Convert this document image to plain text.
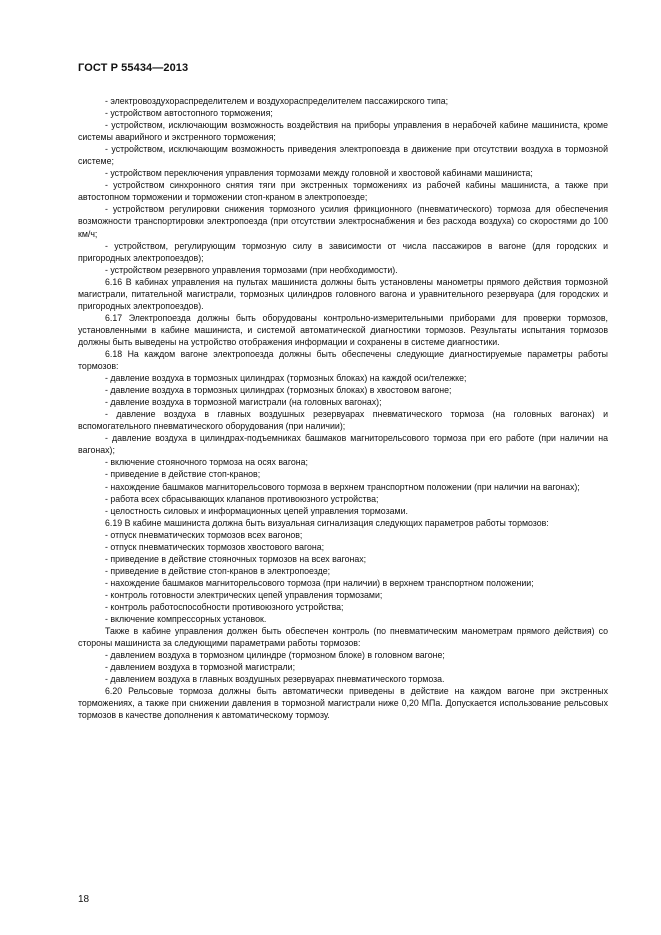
ГОСТ Р 55434—2013

- электровоздухораспределителем и воздухораспределителем пассажирского типа;

- устройством автостопного торможения;

- устройством, исключающим возможность воздействия на приборы управления в нерабочей кабине машиниста, кроме системы аварийного и экстренного торможения;

- устройством, исключающим возможность приведения электропоезда в движение при отсутствии воздуха в тормозной системе;

- устройством переключения управления тормозами между головной и хвостовой кабинами машиниста;

- устройством синхронного снятия тяги при экстренных торможениях из рабочей кабины машиниста, а также при автостопном торможении и торможении стоп-краном в электропоезде;

- устройством регулировки снижения тормозного усилия фрикционного (пневматического) тормоза для обеспечения возможности транспортировки электропоезда (при отсутствии электроснабжения и без расхода воздуха) со скоростями до 100 км/ч;

- устройством, регулирующим тормозную силу в зависимости от числа пассажиров в вагоне (для городских и пригородных электропоездов);

- устройством резервного управления тормозами (при необходимости).

6.16 В кабинах управления на пультах машиниста должны быть установлены манометры прямого действия тормозной магистрали, питательной магистрали, тормозных цилиндров головного вагона и уравнительного резервуара (для городских и пригородных электропоездов).

6.17 Электропоезда должны быть оборудованы контрольно-измерительными приборами для проверки тормозов, установленными в кабине машиниста, и системой автоматической диагностики тормозов. Результаты испытания тормозов должны быть выведены на устройство отображения информации и сохранены в системе диагностики.

6.18 На каждом вагоне электропоезда должны быть обеспечены следующие диагностируемые параметры работы тормозов:

- давление воздуха в тормозных цилиндрах (тормозных блоках) на каждой оси/тележке;

- давление воздуха в тормозных цилиндрах (тормозных блоках) в хвостовом вагоне;

- давление воздуха в тормозной магистрали (на головных вагонах);

- давление воздуха в главных воздушных резервуарах пневматического тормоза (на головных вагонах) и вспомогательного пневматического оборудования (при наличии);

- давление воздуха в цилиндрах-подъемниках башмаков магниторельсового тормоза при его работе (при наличии на вагонах);

- включение стояночного тормоза на осях вагона;

- приведение в действие стоп-кранов;

- нахождение башмаков магниторельсового тормоза в верхнем транспортном положении (при наличии на вагонах);

- работа всех сбрасывающих клапанов противоюзного устройства;

- целостность силовых и информационных цепей управления тормозами.

6.19 В кабине машиниста должна быть визуальная сигнализация следующих параметров работы тормозов:

- отпуск пневматических тормозов всех вагонов;

- отпуск пневматических тормозов хвостового вагона;

- приведение в действие стояночных тормозов на всех вагонах;

- приведение в действие стоп-кранов в электропоезде;

- нахождение башмаков магниторельсового тормоза (при наличии) в верхнем транспортном положении;

- контроль готовности электрических цепей управления тормозами;

- контроль работоспособности противоюзного устройства;

- включение компрессорных установок.

Также в кабине управления должен быть обеспечен контроль (по пневматическим манометрам прямого действия) со стороны машиниста за следующими параметрами работы тормозов:

- давлением воздуха в тормозном цилиндре (тормозном блоке) в головном вагоне;

- давлением воздуха в тормозной магистрали;

- давлением воздуха в главных воздушных резервуарах пневматического тормоза.

6.20 Рельсовые тормоза должны быть автоматически приведены в действие на каждом вагоне при экстренных торможениях, а также при снижении давления в тормозной магистрали ниже 0,20 МПа. Допускается использование рельсовых тормозов в качестве дополнения к автоматическому тормозу.

18
